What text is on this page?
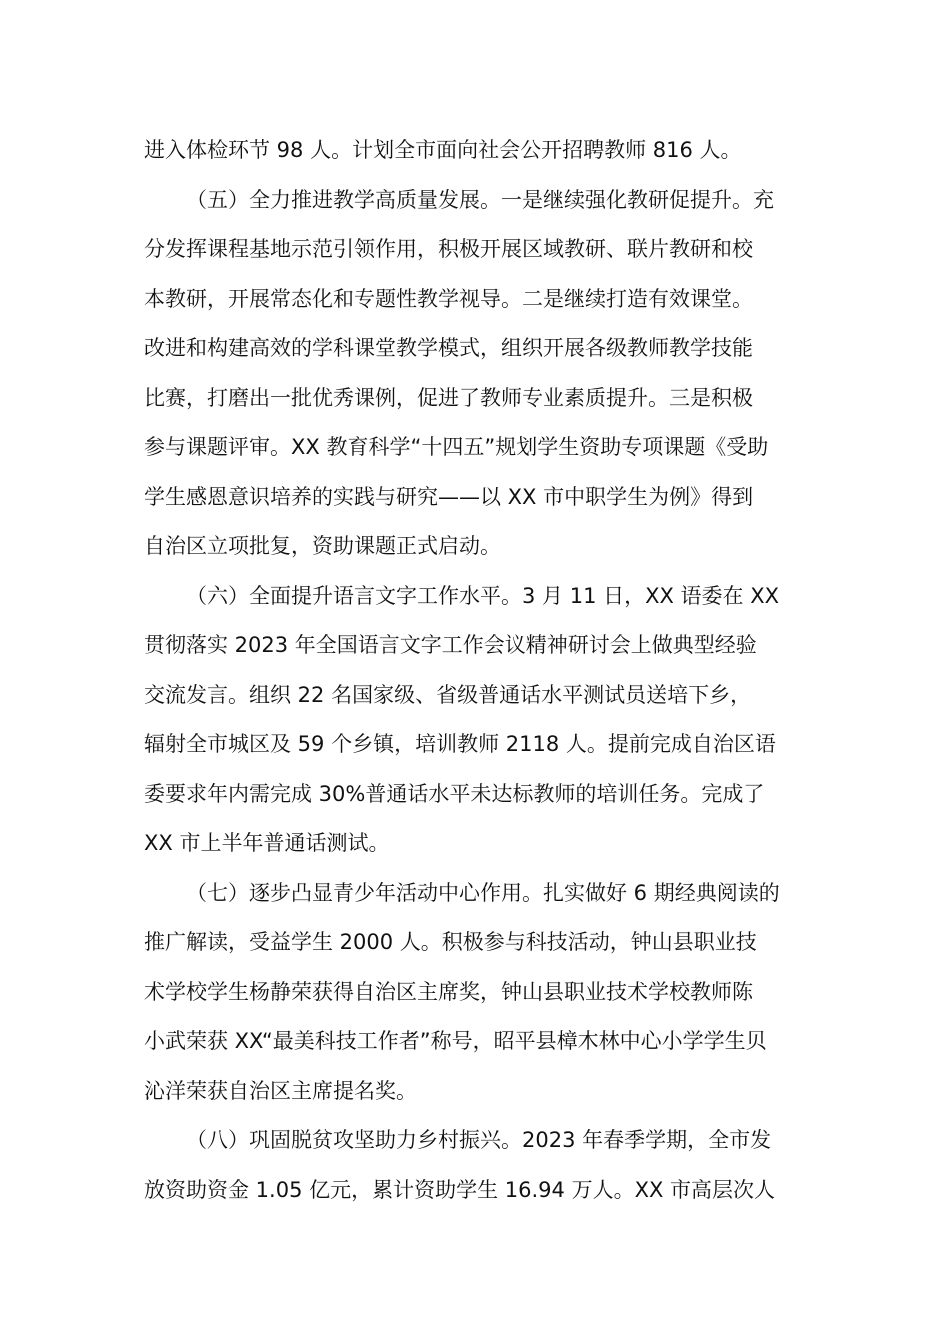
进入体检环节 98 人。计划全市面向社会公开招聘教师 816 人。

（五）全力推进教学高质量发展。一是继续强化教研促提升。充
分发挥课程基地示范引领作用，积极开展区域教研、联片教研和校
本教研，开展常态化和专题性教学视导。二是继续打造有效课堂。
改进和构建高效的学科课堂教学模式，组织开展各级教师教学技能
比赛，打磨出一批优秀课例，促进了教师专业素质提升。三是积极
参与课题评审。XX 教育科学“十四五”规划学生资助专项课题《受助
学生感恩意识培养的实践与研究——以 XX 市中职学生为例》得到
自治区立项批复，资助课题正式启动。

（六）全面提升语言文字工作水平。3 月 11 日，XX 语委在 XX
贯彻落实 2023 年全国语言文字工作会议精神研讨会上做典型经验
交流发言。组织 22 名国家级、省级普通话水平测试员送培下乡，
辐射全市城区及 59 个乡镇，培训教师 2118 人。提前完成自治区语
委要求年内需完成 30%普通话水平未达标教师的培训任务。完成了
XX 市上半年普通话测试。

（七）逐步凸显青少年活动中心作用。扎实做好 6 期经典阅读的
推广解读，受益学生 2000 人。积极参与科技活动，钟山县职业技
术学校学生杨静荣获得自治区主席奖，钟山县职业技术学校教师陈
小武荣获 XX“最美科技工作者”称号，昭平县樟木林中心小学学生贝
沁洋荣获自治区主席提名奖。

（八）巩固脱贫攻坚助力乡村振兴。2023 年春季学期，全市发
放资助资金 1.05 亿元，累计资助学生 16.94 万人。XX 市高层次人
